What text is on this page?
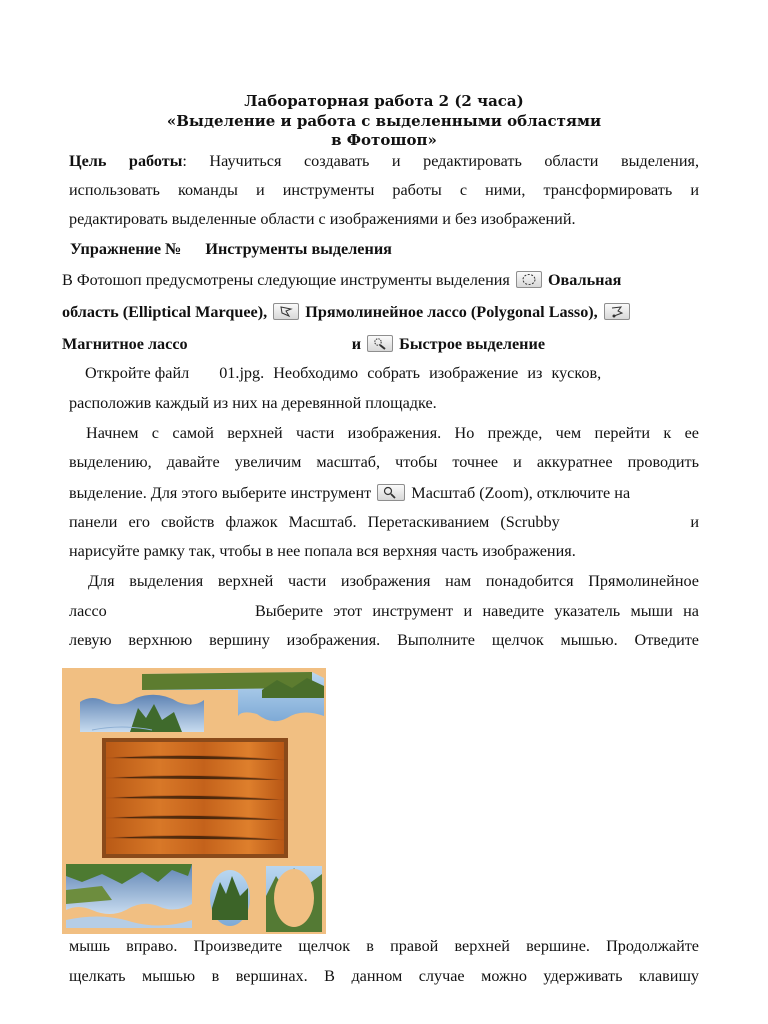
Лабораторная работа 2 (2 часа)
«Выделение и работа с выделенными областями
в Фотошоп»
Цель работы: Научиться создавать и редактировать области выделения,
использовать команды и инструменты работы с ними, трансформировать и
редактировать выделенные области с изображениями и без изображений.
Упражнение № Инструменты выделения
В Фотошоп предусмотрены следующие инструменты выделения Овальная
область (Elliptical Marquee), Прямолинейное лассо (Polygonal Lasso),
Магнитное лассо	и Быстрое выделение
Откройте файл 01.jpg. Необходимо собрать изображение из кусков,
расположив каждый из них на деревянной площадке.
Начнем с самой верхней части изображения. Но прежде, чем перейти к ее
выделению, давайте увеличим масштаб, чтобы точнее и аккуратнее проводить
выделение. Для этого выберите инструмент Масштаб (Zoom), отключите на
панели его свойств флажок Масштаб. Перетаскиванием (Scrubby	и
нарисуйте рамку так, чтобы в нее попала вся верхняя часть изображения.
Для выделения верхней части изображения нам понадобится Прямолинейное
лассо	Выберите этот инструмент и наведите указатель мыши на
левую верхнюю вершину изображения. Выполните щелчок мышью. Отведите
мышь вправо. Произведите щелчок в правой верхней вершине. Продолжайте
щелкать мышью в вершинах. В данном случае можно удерживать клавишу
